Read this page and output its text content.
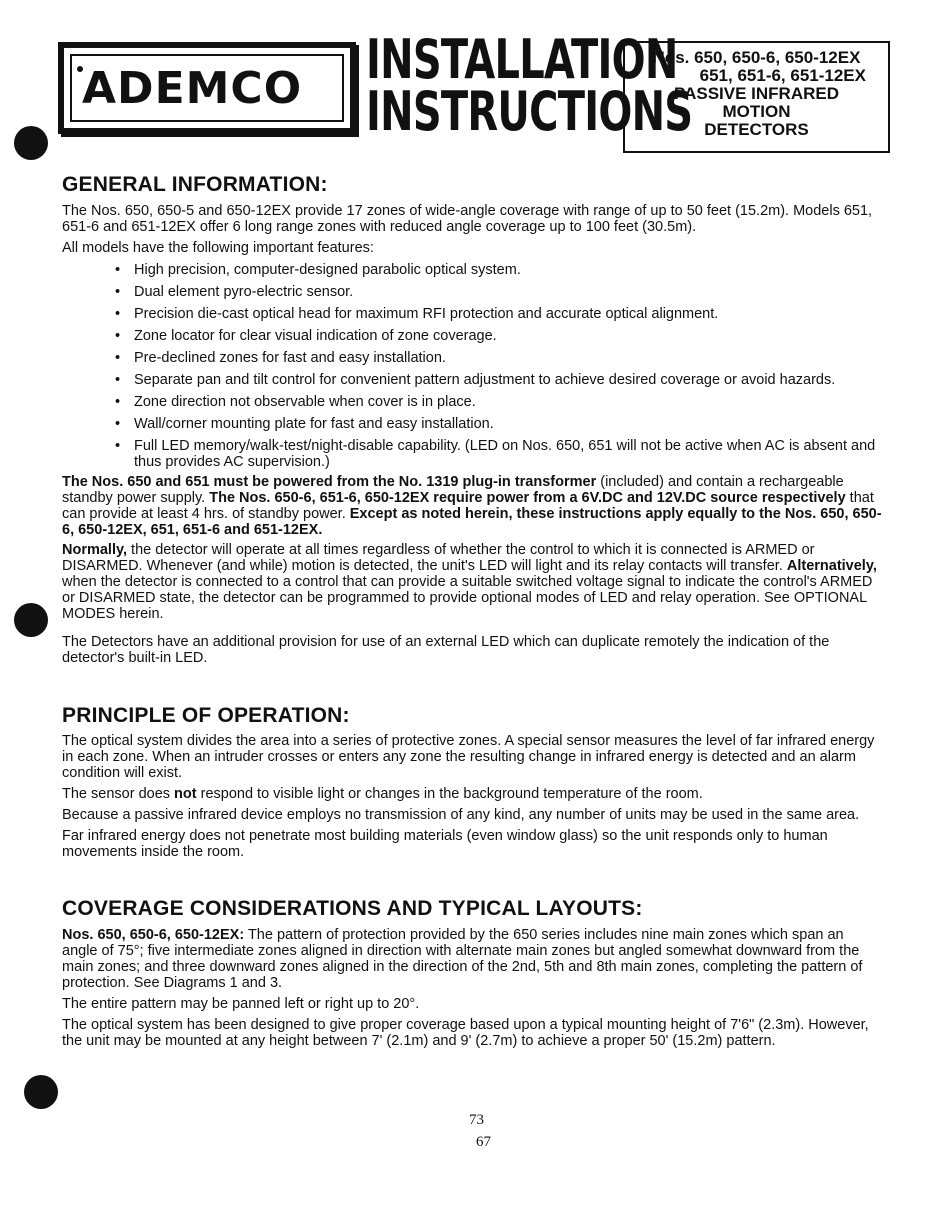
ADEMCO INSTALLATION
INSTRUCTIONS
Nos. 650, 650-6, 650-12EX
651, 651-6, 651-12EX
PASSIVE INFRARED
MOTION
DETECTORS
GENERAL INFORMATION:

The Nos. 650, 650-5 and 650-12EX provide 17 zones of wide-angle coverage with range of up to 50 feet (15.2m). Models 651, 651-6 and 651-12EX offer 6 long range zones with reduced angle coverage up to 100 feet (30.5m).

All models have the following important features:

• High precision, computer-designed parabolic optical system.
• Dual element pyro-electric sensor.
• Precision die-cast optical head for maximum RFI protection and accurate optical alignment.
• Zone locator for clear visual indication of zone coverage.
• Pre-declined zones for fast and easy installation.
• Separate pan and tilt control for convenient pattern adjustment to achieve desired coverage or avoid hazards.
• Zone direction not observable when cover is in place.
• Wall/corner mounting plate for fast and easy installation.
• Full LED memory/walk-test/night-disable capability. (LED on Nos. 650, 651 will not be active when AC is absent and thus provides AC supervision.)

The Nos. 650 and 651 must be powered from the No. 1319 plug-in transformer (included) and contain a rechargeable standby power supply. The Nos. 650-6, 651-6, 650-12EX require power from a 6V.DC and 12V.DC source respectively that can provide at least 4 hrs. of standby power. Except as noted herein, these instructions apply equally to the Nos. 650, 650-6, 650-12EX, 651, 651-6 and 651-12EX.

Normally, the detector will operate at all times regardless of whether the control to which it is connected is ARMED or DISARMED. Whenever (and while) motion is detected, the unit's LED will light and its relay contacts will transfer. Alternatively, when the detector is connected to a control that can provide a suitable switched voltage signal to indicate the control's ARMED or DISARMED state, the detector can be programmed to provide optional modes of LED and relay operation. See OPTIONAL MODES herein.

The Detectors have an additional provision for use of an external LED which can duplicate remotely the indication of the detector's built-in LED.

PRINCIPLE OF OPERATION:

The optical system divides the area into a series of protective zones. A special sensor measures the level of far infrared energy in each zone. When an intruder crosses or enters any zone the resulting change in infrared energy is detected and an alarm condition will exist.

The sensor does not respond to visible light or changes in the background temperature of the room.

Because a passive infrared device employs no transmission of any kind, any number of units may be used in the same area.

Far infrared energy does not penetrate most building materials (even window glass) so the unit responds only to human movements inside the room.

COVERAGE CONSIDERATIONS AND TYPICAL LAYOUTS:

Nos. 650, 650-6, 650-12EX: The pattern of protection provided by the 650 series includes nine main zones which span an angle of 75°; five intermediate zones aligned in direction with alternate main zones but angled somewhat downward from the main zones; and three downward zones aligned in the direction of the 2nd, 5th and 8th main zones, completing the pattern of protection. See Diagrams 1 and 3.

The entire pattern may be panned left or right up to 20°.

The optical system has been designed to give proper coverage based upon a typical mounting height of 7'6" (2.3m). However, the unit may be mounted at any height between 7' (2.1m) and 9' (2.7m) to achieve a proper 50' (15.2m) pattern.

73
67
